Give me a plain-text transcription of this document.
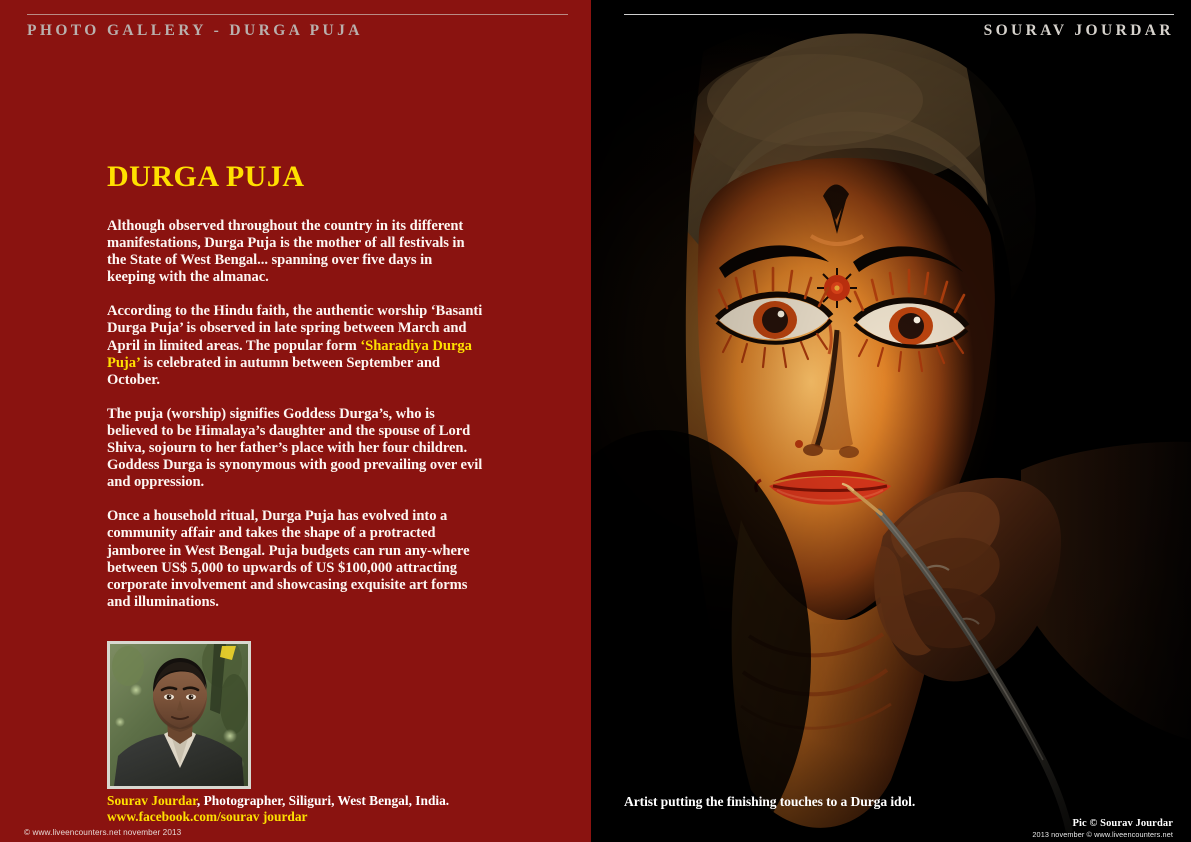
PHOTO GALLERY - DURGA PUJA
DURGA PUJA

Although observed throughout the country in its different manifestations, Durga Puja is the mother of all festivals in the State of West Bengal... spanning over five days in keeping with the almanac.

According to the Hindu faith, the authentic worship ‘Basanti Durga Puja’ is observed in late spring between March and April in limited areas. The popular form ‘Sharadiya Durga Puja’ is celebrated in autumn between September and October.

The puja (worship) signifies Goddess Durga’s, who is believed to be Himalaya’s daughter and the spouse of Lord Shiva, sojourn to her father’s place with her four children. Goddess Durga is synonymous with good prevailing over evil and oppression.

Once a household ritual, Durga Puja has evolved into a community affair and takes the shape of a protracted jamboree in West Bengal. Puja budgets can run any-where between US$ 5,000 to upwards of US $100,000 attracting corporate involvement and showcasing exquisite art forms and illuminations.

Sourav Jourdar, Photographer, Siliguri, West Bengal, India.
www.facebook.com/sourav jourdar
© www.liveencounters.net november 2013
SOURAV JOURDAR
Artist putting the finishing touches to a Durga idol.
Pic © Sourav Jourdar
2013 november © www.liveencounters.net
